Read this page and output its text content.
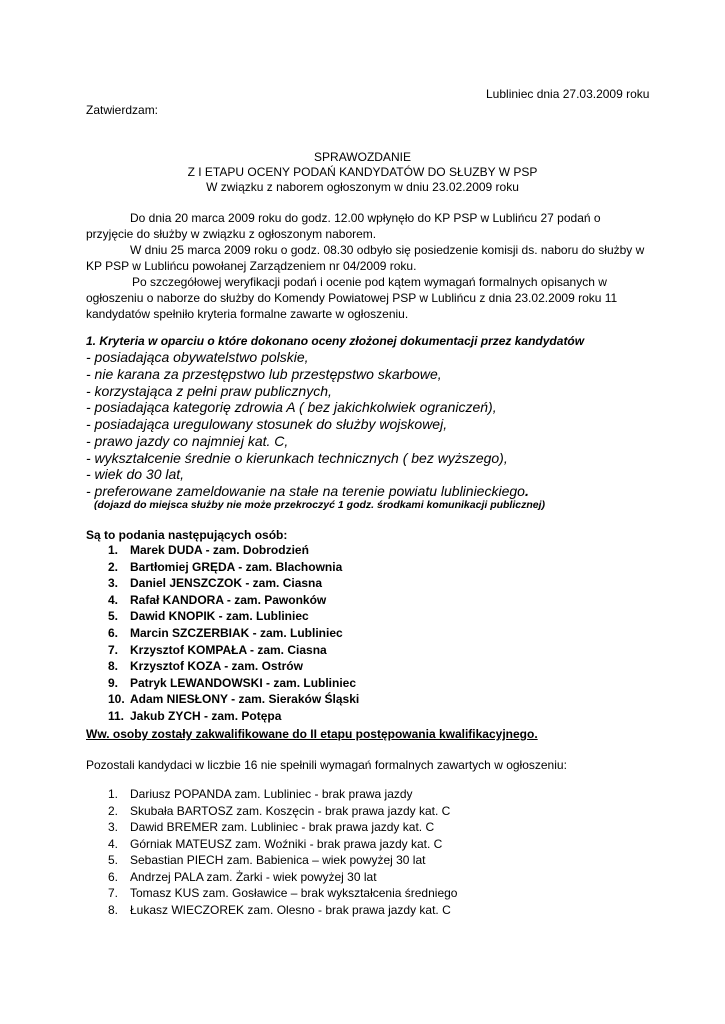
Lubliniec dnia 27.03.2009 roku
Zatwierdzam:
SPRAWOZDANIE
Z I ETAPU OCENY PODAŃ KANDYDATÓW DO SŁUZBY W PSP
W związku z naborem ogłoszonym w dniu 23.02.2009 roku
Do dnia 20 marca 2009 roku do godz. 12.00 wpłynęło do KP PSP w Lublińcu 27 podań o przyjęcie do służby w związku z ogłoszonym naborem.
W dniu 25 marca 2009 roku o godz. 08.30 odbyło się posiedzenie komisji ds. naboru do służby w KP PSP w Lublińcu powołanej Zarządzeniem nr 04/2009 roku.
Po szczegółowej weryfikacji podań i ocenie pod kątem wymagań formalnych opisanych w ogłoszeniu o naborze do służby do Komendy Powiatowej PSP w Lublińcu z dnia 23.02.2009 roku 11 kandydatów spełniło kryteria formalne zawarte w ogłoszeniu.
1. Kryteria w oparciu o które dokonano oceny złożonej dokumentacji przez kandydatów
- posiadająca obywatelstwo polskie,
- nie karana za przestępstwo lub przestępstwo skarbowe,
- korzystająca z pełni praw publicznych,
- posiadająca kategorię zdrowia A ( bez jakichkolwiek ograniczeń),
- posiadająca uregulowany stosunek do służby wojskowej,
- prawo jazdy co najmniej kat. C,
- wykształcenie średnie o kierunkach technicznych ( bez wyższego),
- wiek do 30 lat,
- preferowane zameldowanie na stałe na terenie powiatu lublinieckiego.
(dojazd do miejsca służby nie może przekroczyć 1 godz. środkami komunikacji publicznej)
Są to podania następujących osób:
1. Marek DUDA - zam. Dobrodzień
2. Bartłomiej GRĘDA - zam. Blachownia
3. Daniel JENSZCZOK - zam. Ciasna
4. Rafał KANDORA - zam. Pawonków
5. Dawid KNOPIK - zam. Lubliniec
6. Marcin SZCZERBIAK - zam. Lubliniec
7. Krzysztof KOMPAŁA - zam. Ciasna
8. Krzysztof KOZA - zam. Ostrów
9. Patryk LEWANDOWSKI - zam. Lubliniec
10. Adam NIESŁONY - zam. Sieraków Śląski
11. Jakub ZYCH - zam. Potępa
Ww. osoby zostały zakwalifikowane do II etapu postępowania kwalifikacyjnego.
Pozostali kandydaci w liczbie 16 nie spełnili wymagań formalnych zawartych w ogłoszeniu:
1. Dariusz POPANDA zam. Lubliniec - brak prawa jazdy
2. Skubała BARTOSZ zam. Koszęcin - brak prawa jazdy kat. C
3. Dawid BREMER zam. Lubliniec - brak prawa jazdy kat. C
4. Górniak MATEUSZ zam. Woźniki - brak prawa jazdy kat. C
5. Sebastian PIECH zam. Babienica – wiek powyżej 30 lat
6. Andrzej PALA zam. Żarki - wiek powyżej 30 lat
7. Tomasz KUS zam. Gosławice – brak wykształcenia średniego
8. Łukasz WIECZOREK zam. Olesno - brak prawa jazdy kat. C
